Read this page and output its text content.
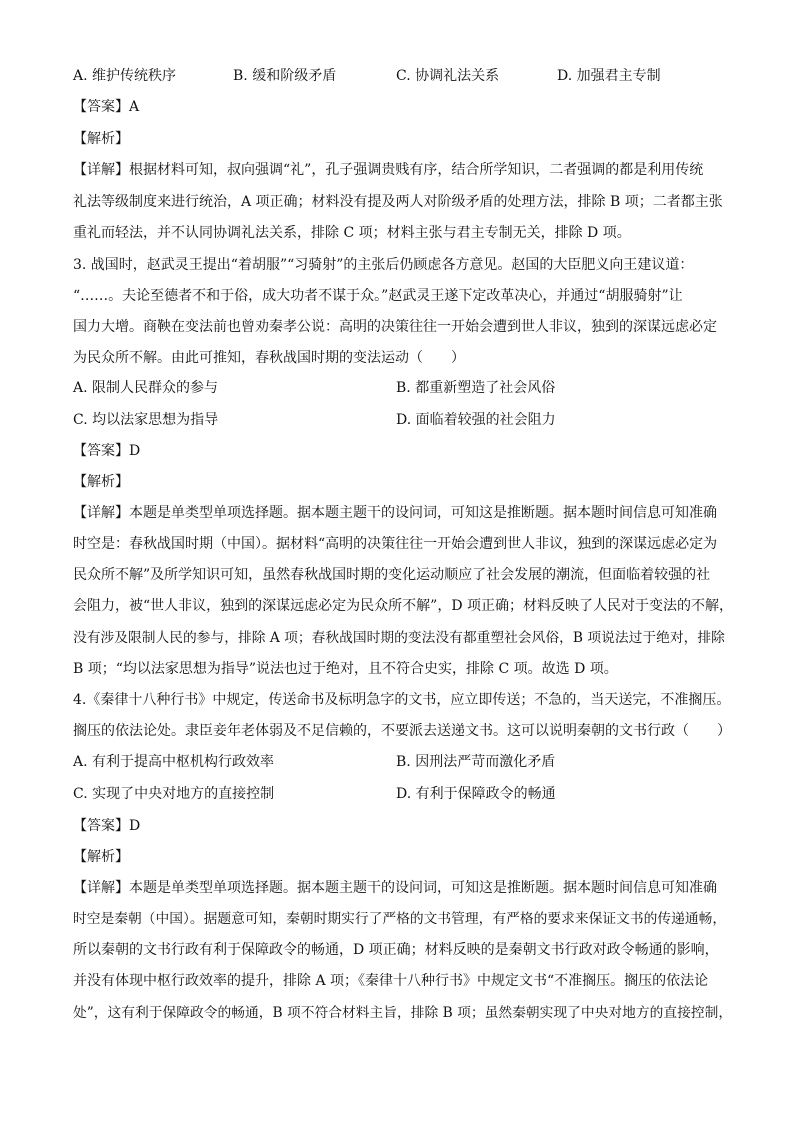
A. 维护传统秩序	B. 缓和阶级矛盾	C. 协调礼法关系	D. 加强君主专制
【答案】A
【解析】
【详解】根据材料可知，叔向强调“礼”，孔子强调贵贱有序，结合所学知识，二者强调的都是利用传统
礼法等级制度来进行统治，A 项正确；材料没有提及两人对阶级矛盾的处理方法，排除 B 项；二者都主张
重礼而轻法，并不认同协调礼法关系，排除 C 项；材料主张与君主专制无关，排除 D 项。
3. 战国时，赵武灵王提出“着胡服”“习骑射”的主张后仍顾虑各方意见。赵国的大臣肥义向王建议道：
“……。夫论至德者不和于俗，成大功者不谋于众。”赵武灵王遂下定改革决心，并通过“胡服骑射”让
国力大增。商鞅在变法前也曾劝秦孝公说：高明的决策往往一开始会遭到世人非议，独到的深谋远虑必定
为民众所不解。由此可推知，春秋战国时期的变法运动（　　）
A. 限制人民群众的参与	B. 都重新塑造了社会风俗
C. 均以法家思想为指导	D. 面临着较强的社会阻力
【答案】D
【解析】
【详解】本题是单类型单项选择题。据本题主题干的设问词，可知这是推断题。据本题时间信息可知准确
时空是：春秋战国时期（中国）。据材料“高明的决策往往一开始会遭到世人非议，独到的深谋远虑必定为
民众所不解”及所学知识可知，虽然春秋战国时期的变化运动顺应了社会发展的潮流，但面临着较强的社
会阻力，被“世人非议，独到的深谋远虑必定为民众所不解”，D 项正确；材料反映了人民对于变法的不解，
没有涉及限制人民的参与，排除 A 项；春秋战国时期的变法没有都重塑社会风俗，B 项说法过于绝对，排除
B 项；“均以法家思想为指导”说法也过于绝对，且不符合史实，排除 C 项。故选 D 项。
4.《秦律十八种行书》中规定，传送命书及标明急字的文书，应立即传送；不急的，当天送完，不准搁压。
搁压的依法论处。隶臣妾年老体弱及不足信赖的，不要派去送递文书。这可以说明秦朝的文书行政（　　）
A. 有利于提高中枢机构行政效率	B. 因刑法严苛而激化矛盾
C. 实现了中央对地方的直接控制	D. 有利于保障政令的畅通
【答案】D
【解析】
【详解】本题是单类型单项选择题。据本题主题干的设问词，可知这是推断题。据本题时间信息可知准确
时空是秦朝（中国）。据题意可知，秦朝时期实行了严格的文书管理，有严格的要求来保证文书的传递通畅，
所以秦朝的文书行政有利于保障政令的畅通，D 项正确；材料反映的是秦朝文书行政对政令畅通的影响，
并没有体现中枢行政效率的提升，排除 A 项；《秦律十八种行书》中规定文书“不准搁压。搁压的依法论
处”，这有利于保障政令的畅通，B 项不符合材料主旨，排除 B 项；虽然秦朝实现了中央对地方的直接控制，
